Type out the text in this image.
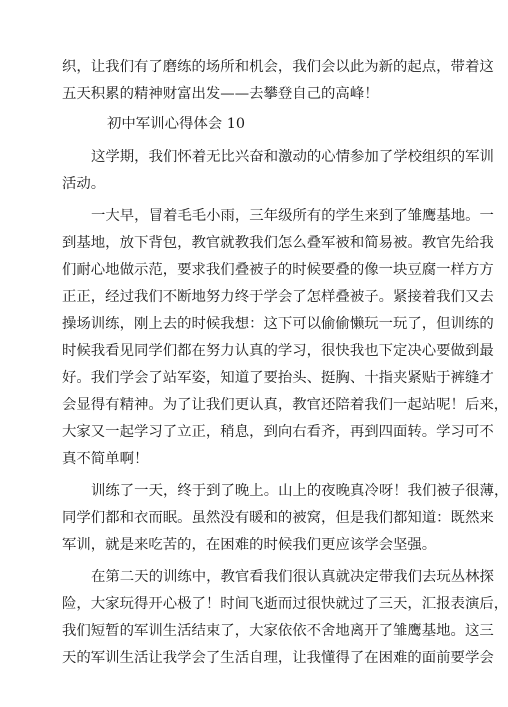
织，让我们有了磨练的场所和机会，我们会以此为新的起点，带着这
五天积累的精神财富出发——去攀登自己的高峰！
初中军训心得体会 10
这学期，我们怀着无比兴奋和激动的心情参加了学校组织的军训
活动。
一大早，冒着毛毛小雨，三年级所有的学生来到了雏鹰基地。一
到基地，放下背包，教官就教我们怎么叠军被和简易被。教官先给我
们耐心地做示范，要求我们叠被子的时候要叠的像一块豆腐一样方方
正正，经过我们不断地努力终于学会了怎样叠被子。紧接着我们又去
操场训练，刚上去的时候我想：这下可以偷偷懒玩一玩了，但训练的
时候我看见同学们都在努力认真的学习，很快我也下定决心要做到最
好。我们学会了站军姿，知道了要抬头、挺胸、十指夹紧贴于裤缝才
会显得有精神。为了让我们更认真，教官还陪着我们一起站呢！后来，
大家又一起学习了立正，稍息，到向右看齐，再到四面转。学习可不
真不简单啊！
训练了一天，终于到了晚上。山上的夜晚真冷呀！我们被子很薄，
同学们都和衣而眠。虽然没有暖和的被窝，但是我们都知道：既然来
军训，就是来吃苦的，在困难的时候我们更应该学会坚强。
在第二天的训练中，教官看我们很认真就决定带我们去玩丛林探
险，大家玩得开心极了！时间飞逝而过很快就过了三天，汇报表演后，
我们短暂的军训生活结束了，大家依依不舍地离开了雏鹰基地。这三
天的军训生活让我学会了生活自理，让我懂得了在困难的面前要学会
